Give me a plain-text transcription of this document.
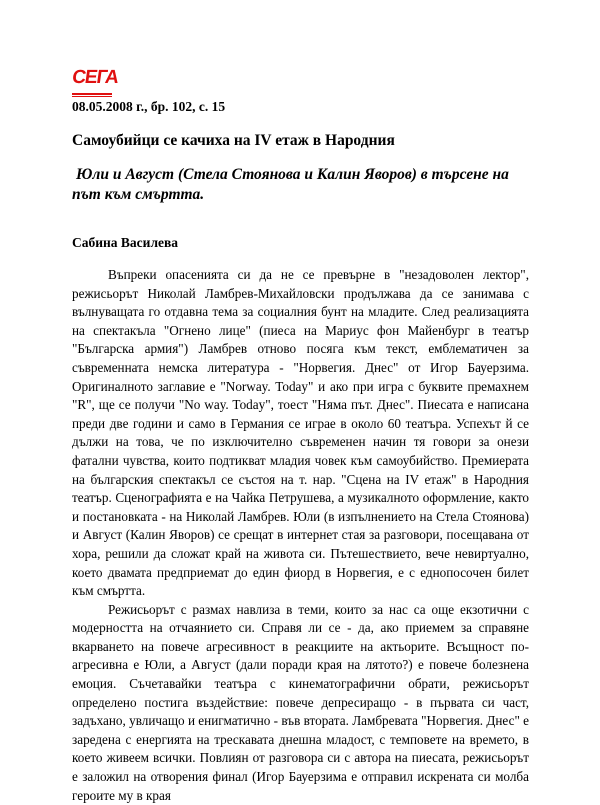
СЕГА
08.05.2008 г., бр. 102, с. 15
Самоубийци се качиха на IV етаж в Народния
Юли и Август (Стела Стоянова и Калин Яворов) в търсене на път към смъртта.
Сабина Василева

Въпреки опасенията си да не се превърне в "незадоволен лектор", режисьорът Николай Ламбрев-Михайловски продължава да се занимава с вълнуващата го отдавна тема за социалния бунт на младите. След реализацията на спектакъла "Огнено лице" (пиеса на Мариус фон Майенбург в театър "Българска армия") Ламбрев отново посяга към текст, емблематичен за съвременната немска литература - "Норвегия. Днес" от Игор Бауерзима. Оригиналното заглавие е "Norway. Today" и ако при игра с буквите премахнем "R", ще се получи "No way. Today", тоест "Няма път. Днес". Пиесата е написана преди две години и само в Германия се играе в около 60 театъра. Успехът й се дължи на това, че по изключително съвременен начин тя говори за онези фатални чувства, които подтикват младия човек към самоубийство. Премиерата на българския спектакъл се състоя на т. нар. "Сцена на IV етаж" в Народния театър. Сценографията е на Чайка Петрушева, а музикалното оформление, както и постановката - на Николай Ламбрев. Юли (в изпълнението на Стела Стоянова) и Август (Калин Яворов) се срещат в интернет стая за разговори, посещавана от хора, решили да сложат край на живота си. Пътешествието, вече невиртуално, което двамата предприемат до един фиорд в Норвегия, е с еднопосочен билет към смъртта.

Режисьорът с размах навлиза в теми, които за нас са още екзотични с модерността на отчаянието си. Справя ли се - да, ако приемем за справяне вкарването на повече агресивност в реакциите на актьорите. Всъщност по-агресивна е Юли, а Август (дали поради края на лятото?) е повече болезнена емоция. Съчетавайки театъра с кинематографични обрати, режисьорът определено постига въздействие: повече депресиращо - в първата си част, задъхано, увличащо и енигматично - във втората. Ламбревата "Норвегия. Днес" е заредена с енергията на трескавата днешна младост, с темповете на времето, в което живеем всички. Повлиян от разговора си с автора на пиесата, режисьорът е заложил на отворения финал (Игор Бауерзима е отправил искрената си молба героите му в края
